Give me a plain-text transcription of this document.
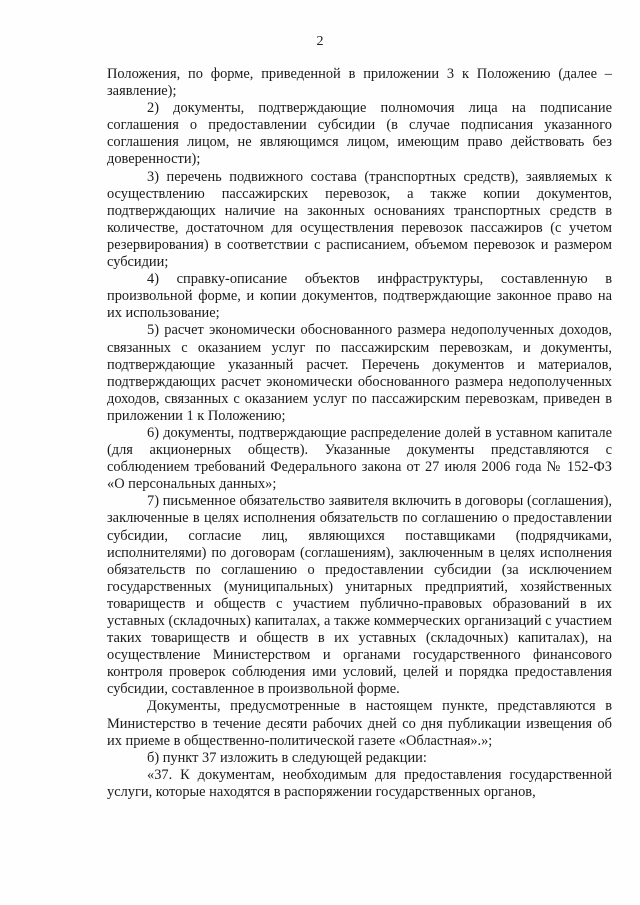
2

Положения, по форме, приведенной в приложении 3 к Положению (далее – заявление);

2) документы, подтверждающие полномочия лица на подписание соглашения о предоставлении субсидии (в случае подписания указанного соглашения лицом, не являющимся лицом, имеющим право действовать без доверенности);

3) перечень подвижного состава (транспортных средств), заявляемых к осуществлению пассажирских перевозок, а также копии документов, подтверждающих наличие на законных основаниях транспортных средств в количестве, достаточном для осуществления перевозок пассажиров (с учетом резервирования) в соответствии с расписанием, объемом перевозок и размером субсидии;

4) справку-описание объектов инфраструктуры, составленную в произвольной форме, и копии документов, подтверждающие законное право на их использование;

5) расчет экономически обоснованного размера недополученных доходов, связанных с оказанием услуг по пассажирским перевозкам, и документы, подтверждающие указанный расчет. Перечень документов и материалов, подтверждающих расчет экономически обоснованного размера недополученных доходов, связанных с оказанием услуг по пассажирским перевозкам, приведен в приложении 1 к Положению;

6) документы, подтверждающие распределение долей в уставном капитале (для акционерных обществ). Указанные документы представляются с соблюдением требований Федерального закона от 27 июля 2006 года № 152-ФЗ «О персональных данных»;

7) письменное обязательство заявителя включить в договоры (соглашения), заключенные в целях исполнения обязательств по соглашению о предоставлении субсидии, согласие лиц, являющихся поставщиками (подрядчиками, исполнителями) по договорам (соглашениям), заключенным в целях исполнения обязательств по соглашению о предоставлении субсидии (за исключением государственных (муниципальных) унитарных предприятий, хозяйственных товариществ и обществ с участием публично-правовых образований в их уставных (складочных) капиталах, а также коммерческих организаций с участием таких товариществ и обществ в их уставных (складочных) капиталах), на осуществление Министерством и органами государственного финансового контроля проверок соблюдения ими условий, целей и порядка предоставления субсидии, составленное в произвольной форме.

Документы, предусмотренные в настоящем пункте, представляются в Министерство в течение десяти рабочих дней со дня публикации извещения об их приеме в общественно-политической газете «Областная».»;

б) пункт 37 изложить в следующей редакции:

«37. К документам, необходимым для предоставления государственной услуги, которые находятся в распоряжении государственных органов,
